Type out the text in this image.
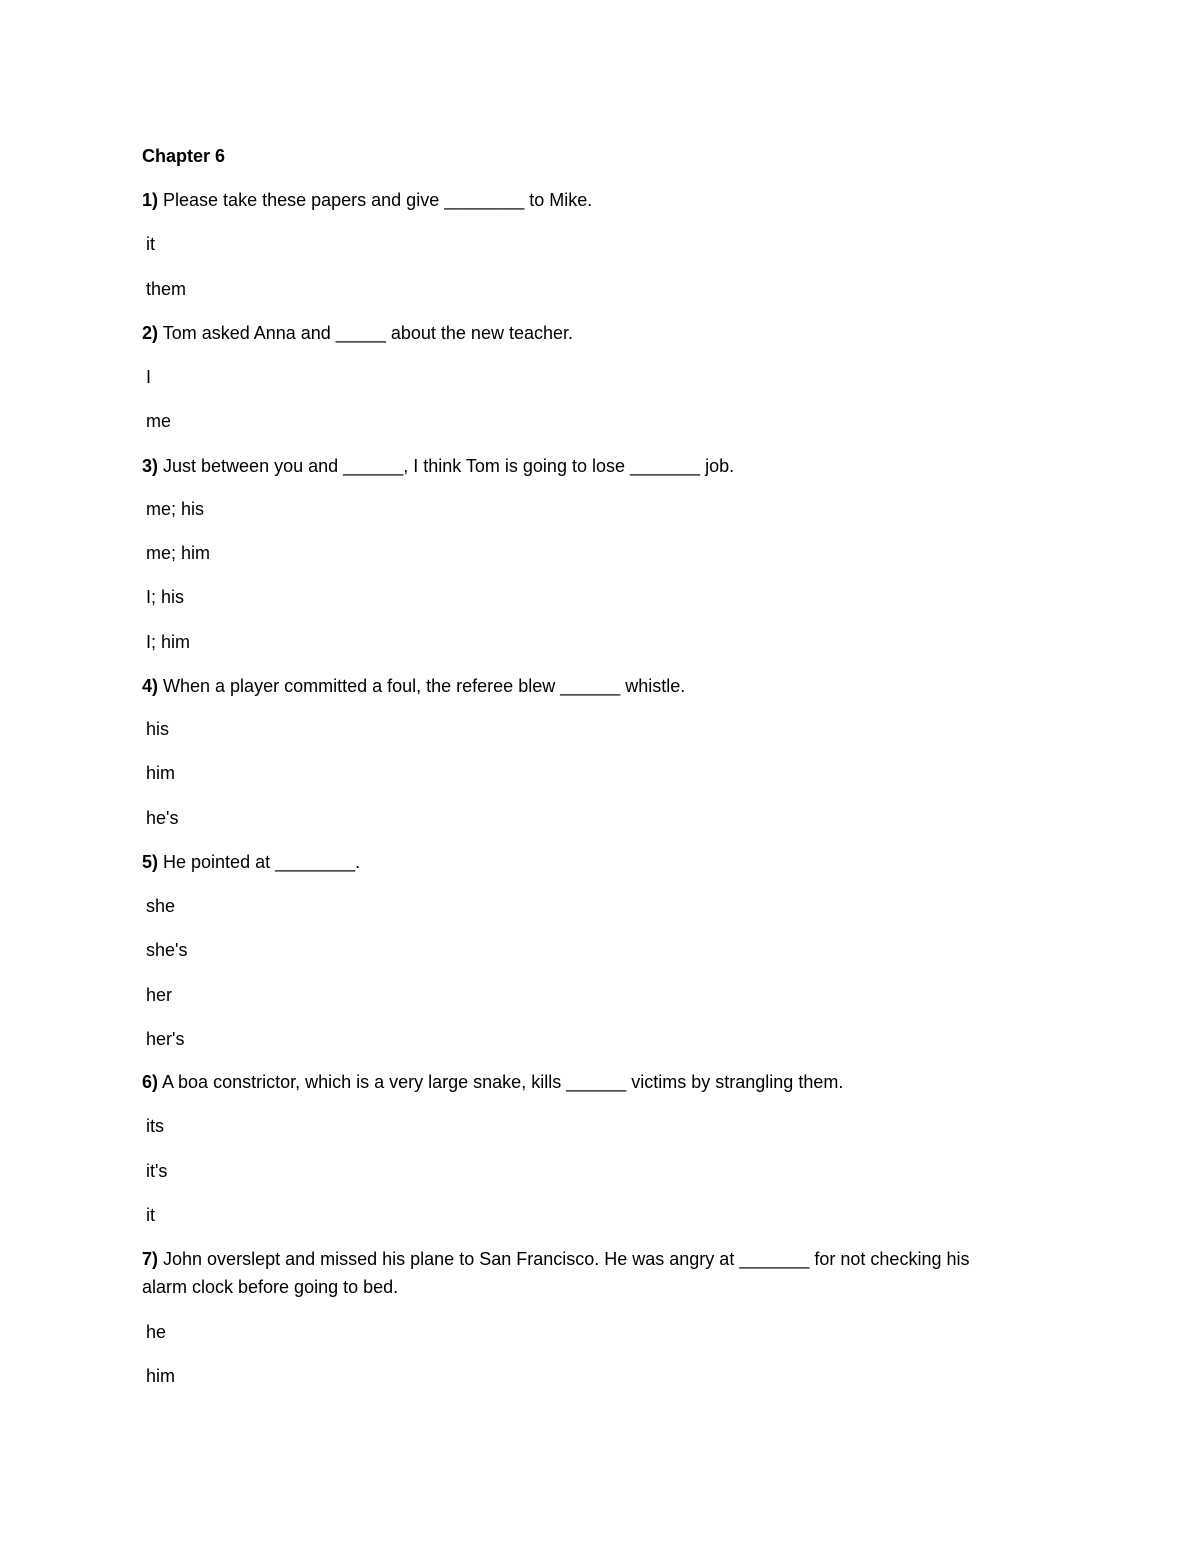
Chapter 6
1) Please take these papers and give ________ to Mike.
it
them
2) Tom asked Anna and _____ about the new teacher.
I
me
3) Just between you and ______, I think Tom is going to lose _______ job.
me; his
me; him
I; his
I; him
4) When a player committed a foul, the referee blew ______ whistle.
his
him
he's
5) He pointed at ________.
she
she's
her
her's
6) A boa constrictor, which is a very large snake, kills ______ victims by strangling them.
its
it's
it
7) John overslept and missed his plane to San Francisco. He was angry at _______ for not checking his
alarm clock before going to bed.
he
him
